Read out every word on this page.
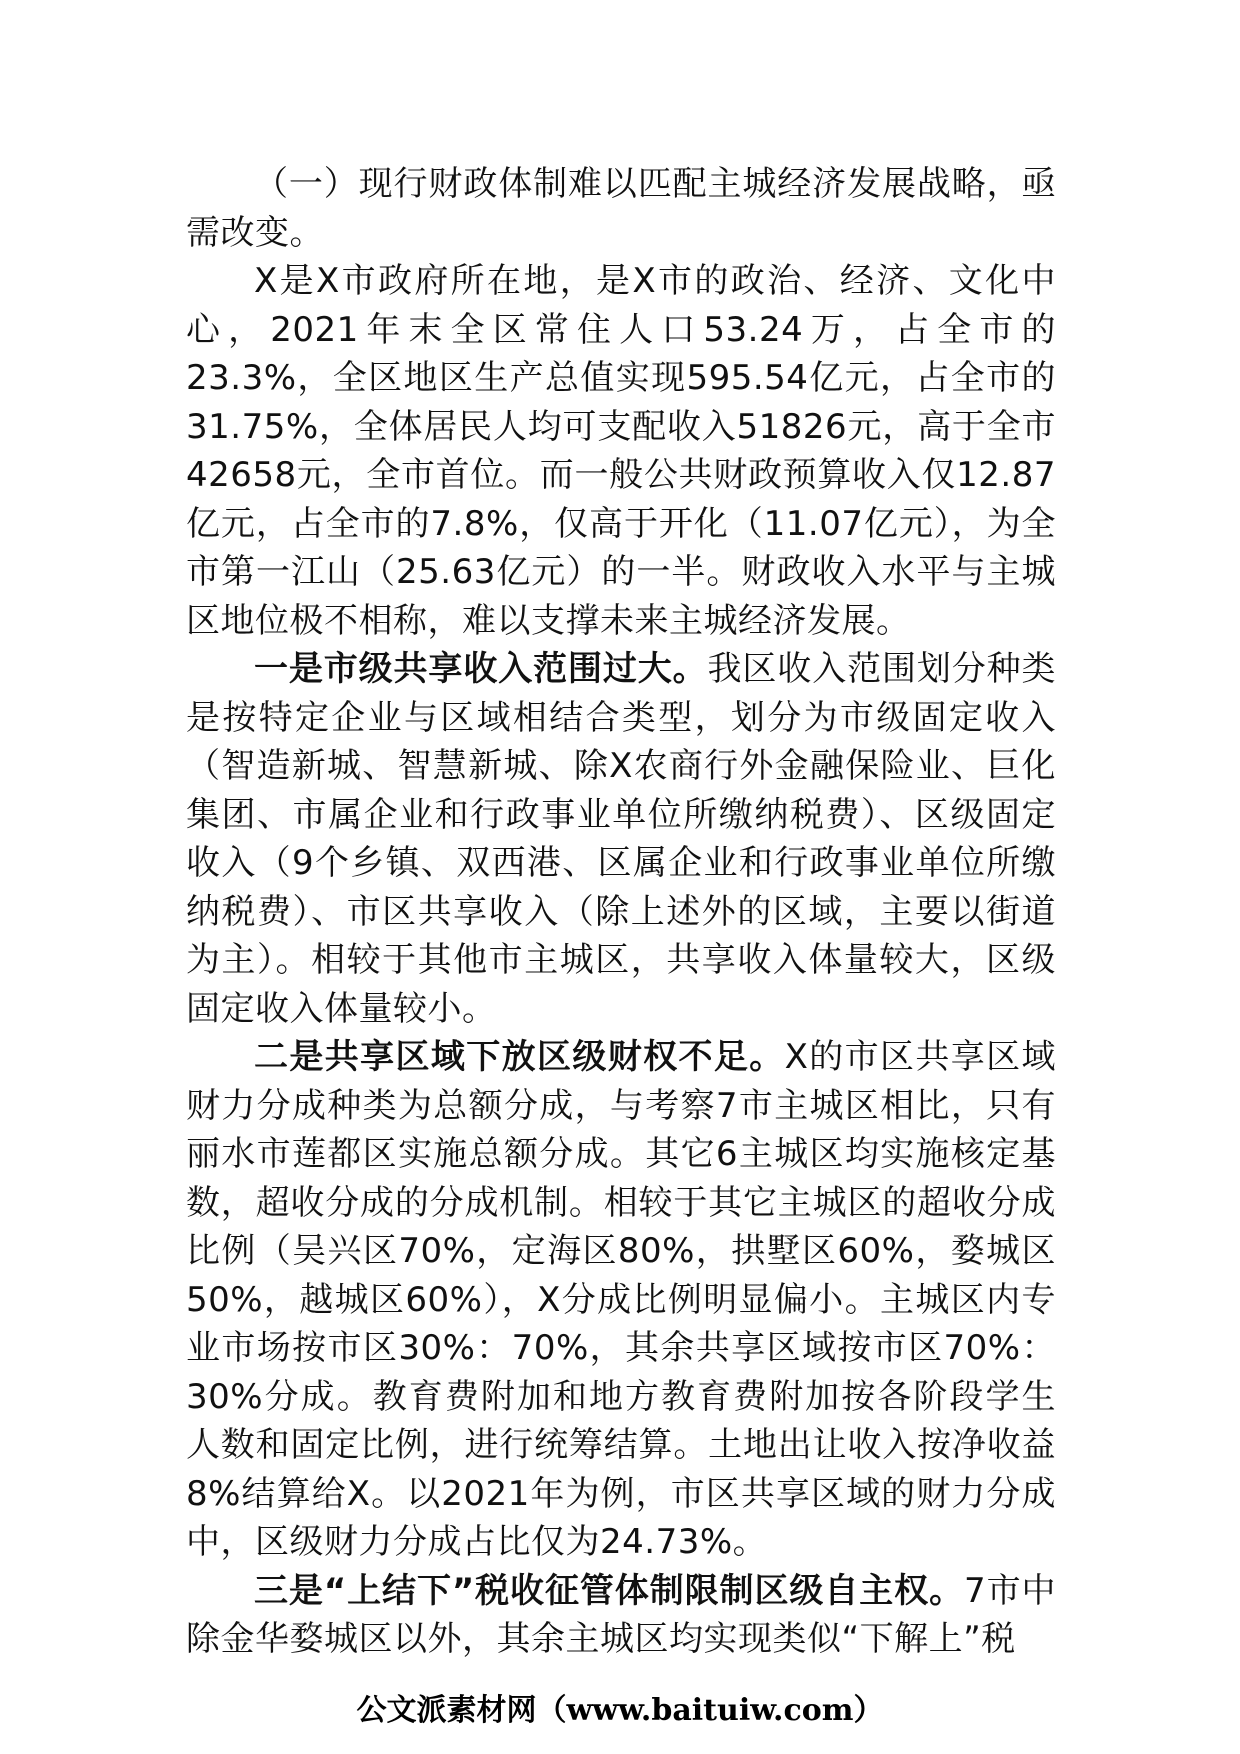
（一）现行财政体制难以匹配主城经济发展战略，亟需改变。

X是X市政府所在地，是X市的政治、经济、文化中心，2021年末全区常住人口53.24万，占全市的23.3%，全区地区生产总值实现595.54亿元，占全市的31.75%，全体居民人均可支配收入51826元，高于全市42658元，全市首位。而一般公共财政预算收入仅12.87亿元，占全市的7.8%，仅高于开化（11.07亿元），为全市第一江山（25.63亿元）的一半。财政收入水平与主城区地位极不相称，难以支撑未来主城经济发展。

一是市级共享收入范围过大。我区收入范围划分种类是按特定企业与区域相结合类型，划分为市级固定收入（智造新城、智慧新城、除X农商行外金融保险业、巨化集团、市属企业和行政事业单位所缴纳税费）、区级固定收入（9个乡镇、双西港、区属企业和行政事业单位所缴纳税费）、市区共享收入（除上述外的区域，主要以街道为主）。相较于其他市主城区，共享收入体量较大，区级固定收入体量较小。

二是共享区域下放区级财权不足。X的市区共享区域财力分成种类为总额分成，与考察7市主城区相比，只有丽水市莲都区实施总额分成。其它6主城区均实施核定基数，超收分成的分成机制。相较于其它主城区的超收分成比例（吴兴区70%，定海区80%，拱墅区60%，婺城区50%，越城区60%），X分成比例明显偏小。主城区内专业市场按市区30%：70%，其余共享区域按市区70%：30%分成。教育费附加和地方教育费附加按各阶段学生人数和固定比例，进行统筹结算。土地出让收入按净收益8%结算给X。以2021年为例，市区共享区域的财力分成中，区级财力分成占比仅为24.73%。

三是“上结下”税收征管体制限制区级自主权。7市中除金华婺城区以外，其余主城区均实现类似“下解上”税

公文派素材网（www.baituiw.com）
